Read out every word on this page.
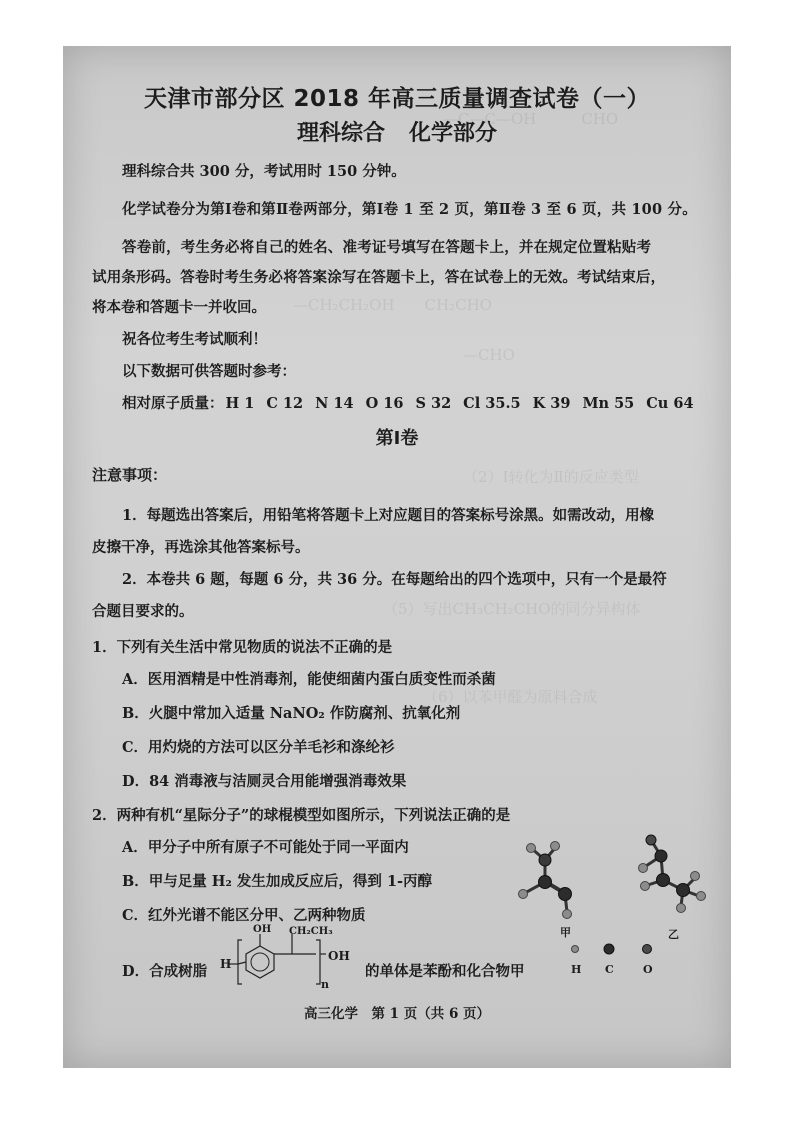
—C—C—OH　　　CHO
—CH₂CH₂OH　　CH₂CHO
—CHO
（2）Ⅰ转化为Ⅱ的反应类型
（5）写出CH₃CH₂CHO的同分异构体
（6）以苯甲醛为原料合成
天津市部分区 2018 年高三质量调查试卷（一）
理科综合 化学部分
理科综合共 300 分，考试用时 150 分钟。
化学试卷分为第Ⅰ卷和第Ⅱ卷两部分，第Ⅰ卷 1 至 2 页，第Ⅱ卷 3 至 6 页，共 100 分。
答卷前，考生务必将自己的姓名、准考证号填写在答题卡上，并在规定位置粘贴考
试用条形码。答卷时考生务必将答案涂写在答题卡上，答在试卷上的无效。考试结束后，
将本卷和答题卡一并收回。
祝各位考生考试顺利！
以下数据可供答题时参考：
相对原子质量： H 1 C 12 N 14 O 16 S 32 Cl 35.5 K 39 Mn 55 Cu 64
第Ⅰ卷
注意事项：
1．每题选出答案后，用铅笔将答题卡上对应题目的答案标号涂黑。如需改动，用橡
皮擦干净，再选涂其他答案标号。
2．本卷共 6 题，每题 6 分，共 36 分。在每题给出的四个选项中，只有一个是最符
合题目要求的。
1．下列有关生活中常见物质的说法不正确的是
A．医用酒精是中性消毒剂，能使细菌内蛋白质变性而杀菌
B．火腿中常加入适量 NaNO₂ 作防腐剂、抗氧化剂
C．用灼烧的方法可以区分羊毛衫和涤纶衫
D．84 消毒液与洁厕灵合用能增强消毒效果
2．两种有机“星际分子”的球棍模型如图所示，下列说法正确的是
A．甲分子中所有原子不可能处于同一平面内
B．甲与足量 H₂ 发生加成反应后，得到 1-丙醇
C．红外光谱不能区分甲、乙两种物质
D．合成树脂	的单体是苯酚和化合物甲
H
OH CH₂CH₃
OH
n
甲	乙
H C	O
高三化学　第 1 页（共 6 页）
